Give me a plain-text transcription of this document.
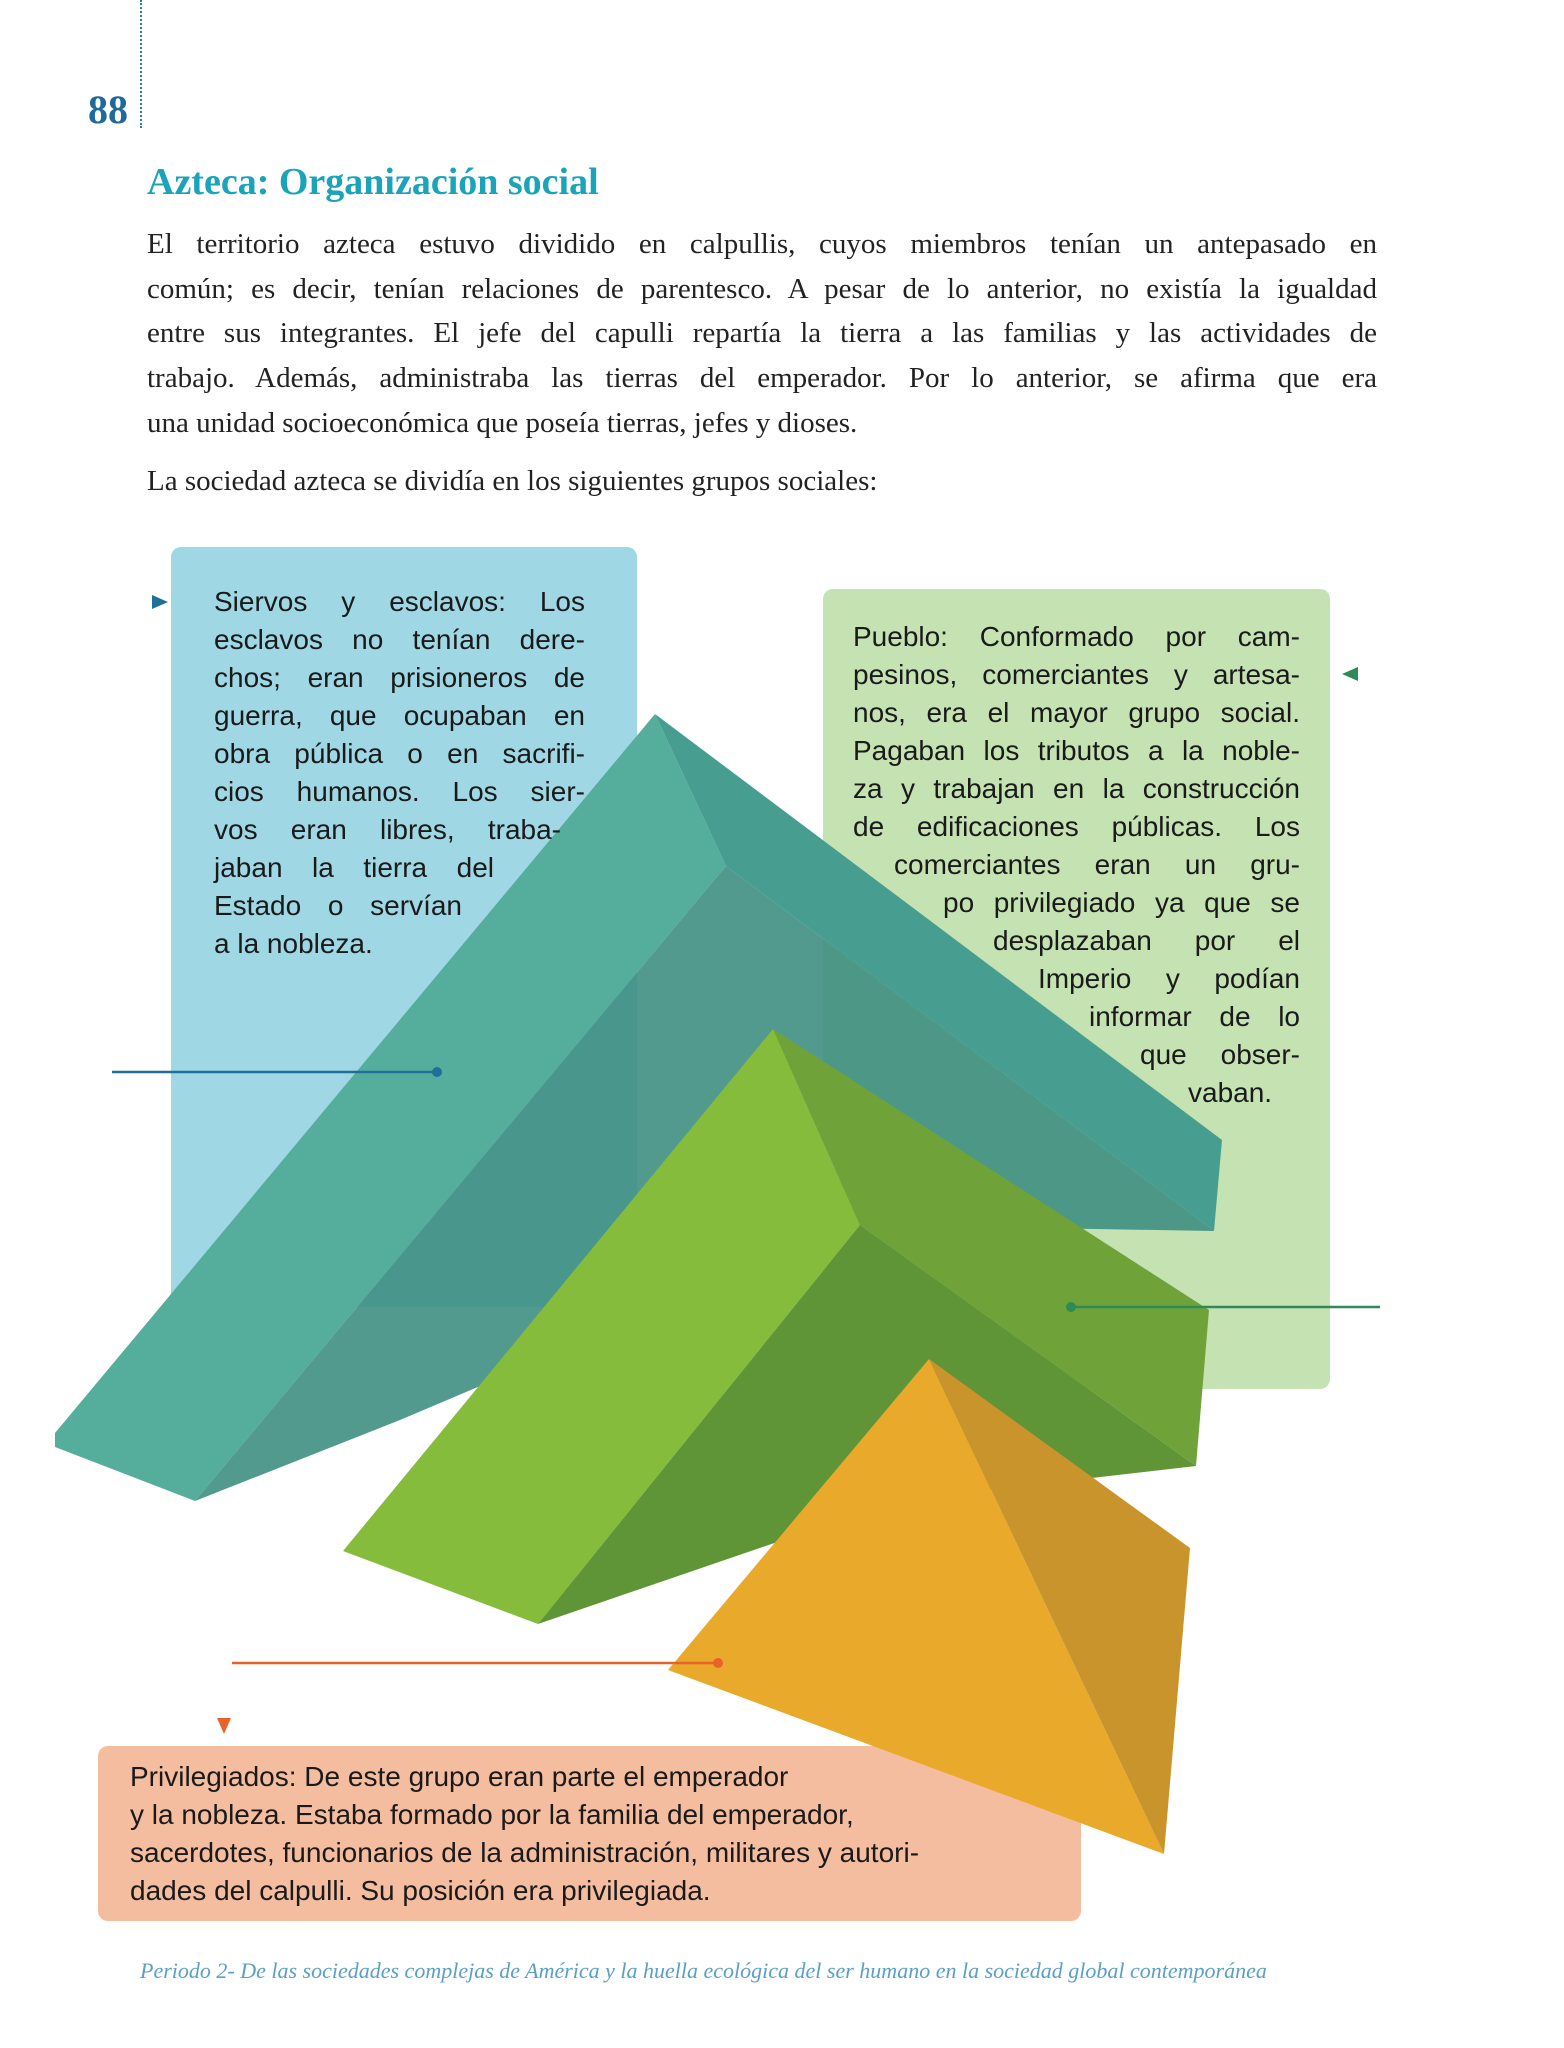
88
Azteca: Organización social
El territorio azteca estuvo dividido en calpullis, cuyos miembros tenían un antepasado en
común; es decir, tenían relaciones de parentesco. A pesar de lo anterior, no existía la igualdad
entre sus integrantes. El jefe del capulli repartía la tierra a las familias y las actividades de
trabajo. Además, administraba las tierras del emperador. Por lo anterior, se afirma que era
una unidad socioeconómica que poseía tierras, jefes y dioses.
La sociedad azteca se dividía en los siguientes grupos sociales:
Siervos y esclavos: Los
esclavos no tenían dere-
chos; eran prisioneros de
guerra, que ocupaban en
obra pública o en sacrifi-
cios humanos. Los sier-
vos eran libres, traba-
jaban la tierra del
Estado o servían
a la nobleza.
Pueblo: Conformado por cam-
pesinos, comerciantes y artesa-
nos, era el mayor grupo social.
Pagaban los tributos a la noble-
za y trabajan en la construcción
de edificaciones públicas. Los
comerciantes eran un gru-
po privilegiado ya que se
desplazaban por el
Imperio y podían
informar de lo
que obser-
vaban.
Privilegiados: De este grupo eran parte el emperador
y la nobleza. Estaba formado por la familia del emperador,
sacerdotes, funcionarios de la administración, militares y autori-
dades del calpulli. Su posición era privilegiada.
Periodo 2- De las sociedades complejas de América y la huella ecológica del ser humano en la sociedad global contemporánea
